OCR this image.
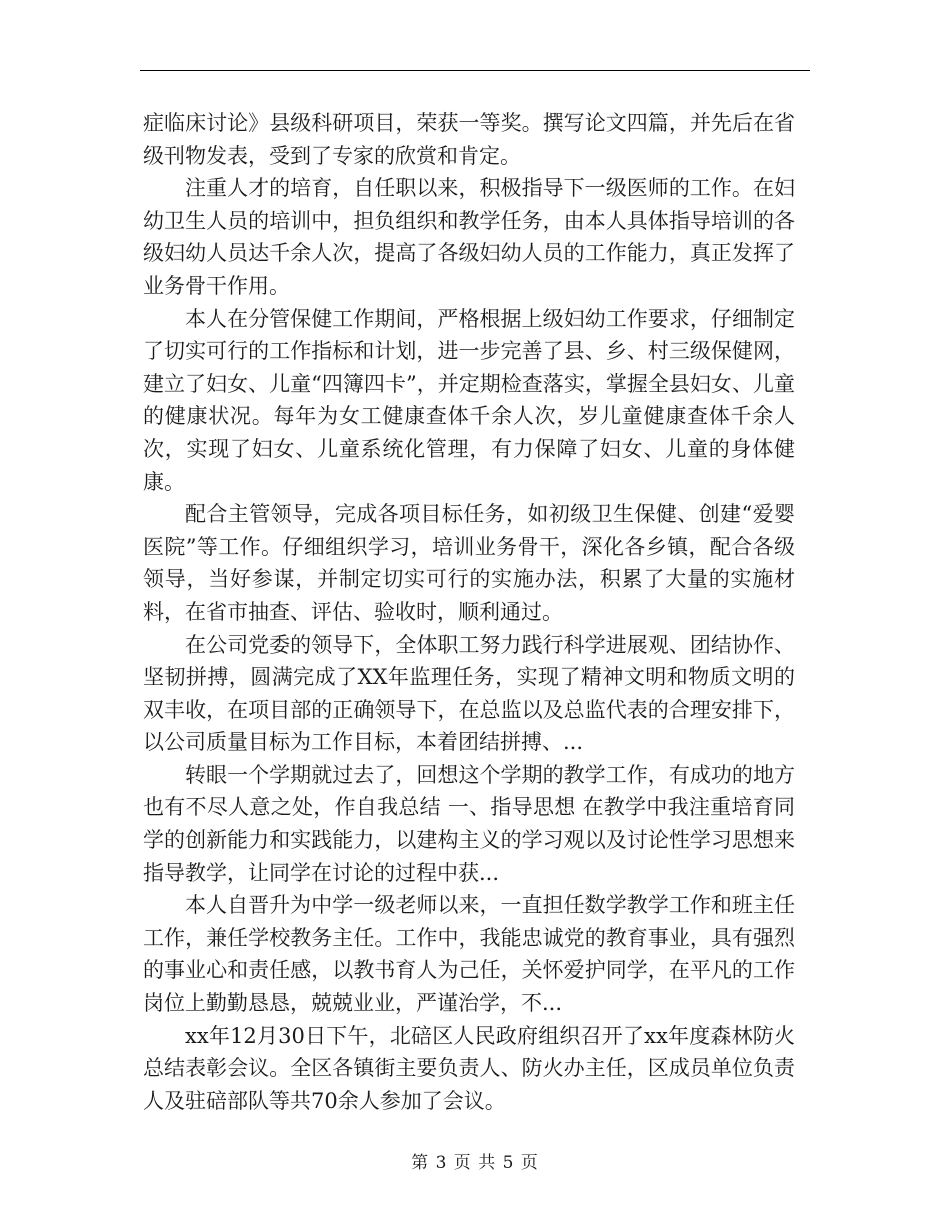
症临床讨论》县级科研项目，荣获一等奖。撰写论文四篇，并先后在省级刊物发表，受到了专家的欣赏和肯定。

注重人才的培育，自任职以来，积极指导下一级医师的工作。在妇幼卫生人员的培训中，担负组织和教学任务，由本人具体指导培训的各级妇幼人员达千余人次，提高了各级妇幼人员的工作能力，真正发挥了业务骨干作用。

本人在分管保健工作期间，严格根据上级妇幼工作要求，仔细制定了切实可行的工作指标和计划，进一步完善了县、乡、村三级保健网，建立了妇女、儿童“四簿四卡”，并定期检查落实，掌握全县妇女、儿童的健康状况。每年为女工健康查体千余人次，岁儿童健康查体千余人次，实现了妇女、儿童系统化管理，有力保障了妇女、儿童的身体健康。

配合主管领导，完成各项目标任务，如初级卫生保健、创建“爱婴医院”等工作。仔细组织学习，培训业务骨干，深化各乡镇，配合各级领导，当好参谋，并制定切实可行的实施办法，积累了大量的实施材料，在省市抽查、评估、验收时，顺利通过。

在公司党委的领导下，全体职工努力践行科学进展观、团结协作、坚韧拼搏，圆满完成了XX年监理任务，实现了精神文明和物质文明的双丰收，在项目部的正确领导下，在总监以及总监代表的合理安排下，以公司质量目标为工作目标，本着团结拼搏、...

转眼一个学期就过去了，回想这个学期的教学工作，有成功的地方也有不尽人意之处，作自我总结 一、指导思想 在教学中我注重培育同学的创新能力和实践能力，以建构主义的学习观以及讨论性学习思想来指导教学，让同学在讨论的过程中获...

本人自晋升为中学一级老师以来，一直担任数学教学工作和班主任工作，兼任学校教务主任。工作中，我能忠诚党的教育事业，具有强烈的事业心和责任感，以教书育人为己任，关怀爱护同学，在平凡的工作岗位上勤勤恳恳，兢兢业业，严谨治学，不...

xx年12月30日下午，北碚区人民政府组织召开了xx年度森林防火总结表彰会议。全区各镇街主要负责人、防火办主任，区成员单位负责人及驻碚部队等共70余人参加了会议。

第 3 页 共 5 页
